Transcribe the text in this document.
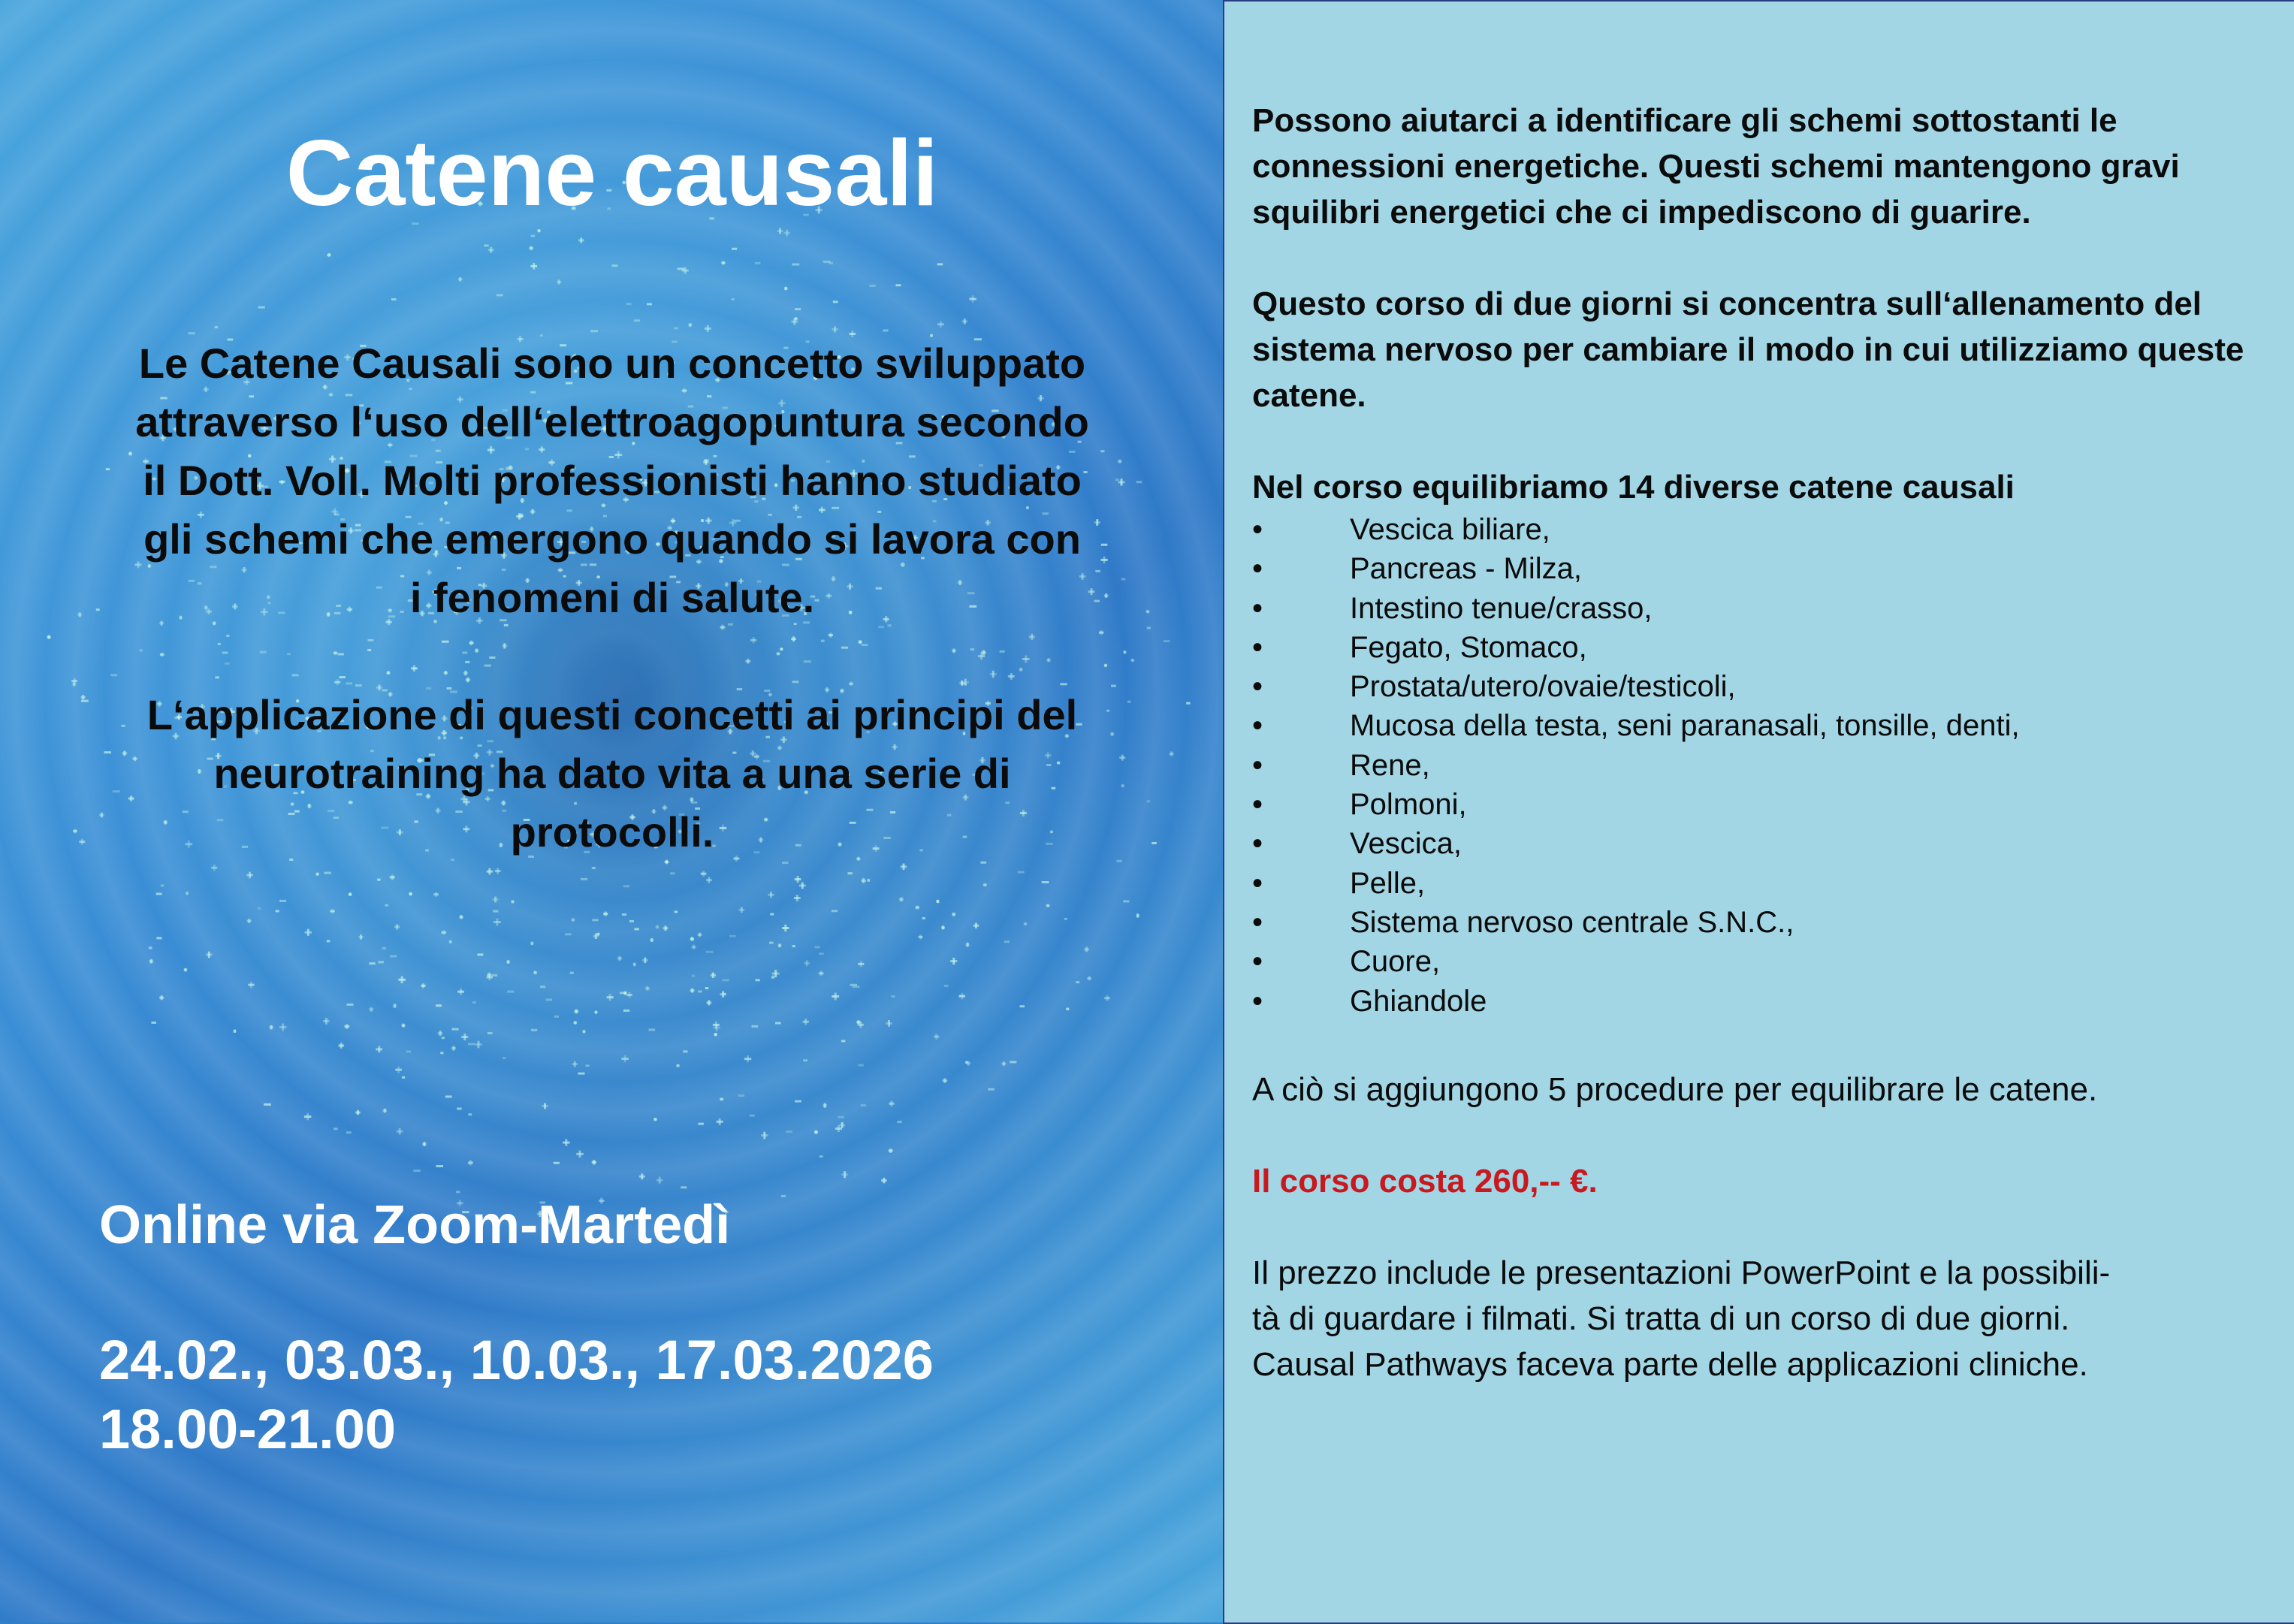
Catene causali

Le Catene Causali sono un concetto sviluppato attraverso l‘uso dell‘elettroagopuntura secondo il Dott. Voll. Molti professionisti hanno studiato gli schemi che emergono quando si lavora con i fenomeni di salute.

L‘applicazione di questi concetti ai principi del neurotraining ha dato vita a una serie di protocolli.

Online via Zoom-Martedì
24.02., 03.03., 10.03., 17.03.2026
18.00-21.00

Possono aiutarci a identificare gli schemi sottostanti le connessioni energetiche. Questi schemi mantengono gravi squilibri energetici che ci impediscono di guarire.

Questo corso di due giorni si concentra sull‘allenamento del sistema nervoso per cambiare il modo in cui utilizziamo queste catene.

Nel corso equilibriamo 14 diverse catene causali

•	Vescica biliare,
•	Pancreas - Milza,
•	Intestino tenue/crasso,
•	Fegato, Stomaco,
•	Prostata/utero/ovaie/testicoli,
•	Mucosa della testa, seni paranasali, tonsille, denti,
•	Rene,
•	Polmoni,
•	Vescica,
•	Pelle,
•	Sistema nervoso centrale S.N.C.,
•	Cuore,
•	Ghiandole

A ciò si aggiungono 5 procedure per equilibrare le catene.

Il corso costa 260,-- €.

Il prezzo include le presentazioni PowerPoint e la possibili-

tà di guardare i filmati. Si tratta di un corso di due giorni.

Causal Pathways faceva parte delle applicazioni cliniche.
